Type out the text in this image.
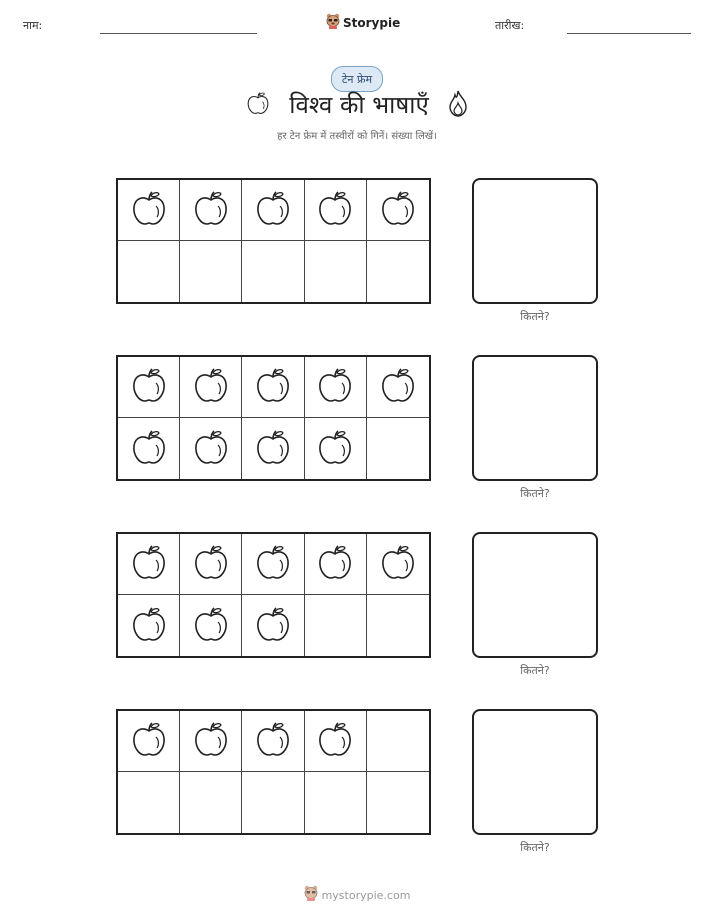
नाम:	Storypie	तारीख:
टेन फ्रेम
विश्व की भाषाएँ
हर टेन फ्रेम में तस्वीरों को गिनें। संख्या लिखें।
कितने?
कितने?
कितने?
कितने?
mystorypie.com
